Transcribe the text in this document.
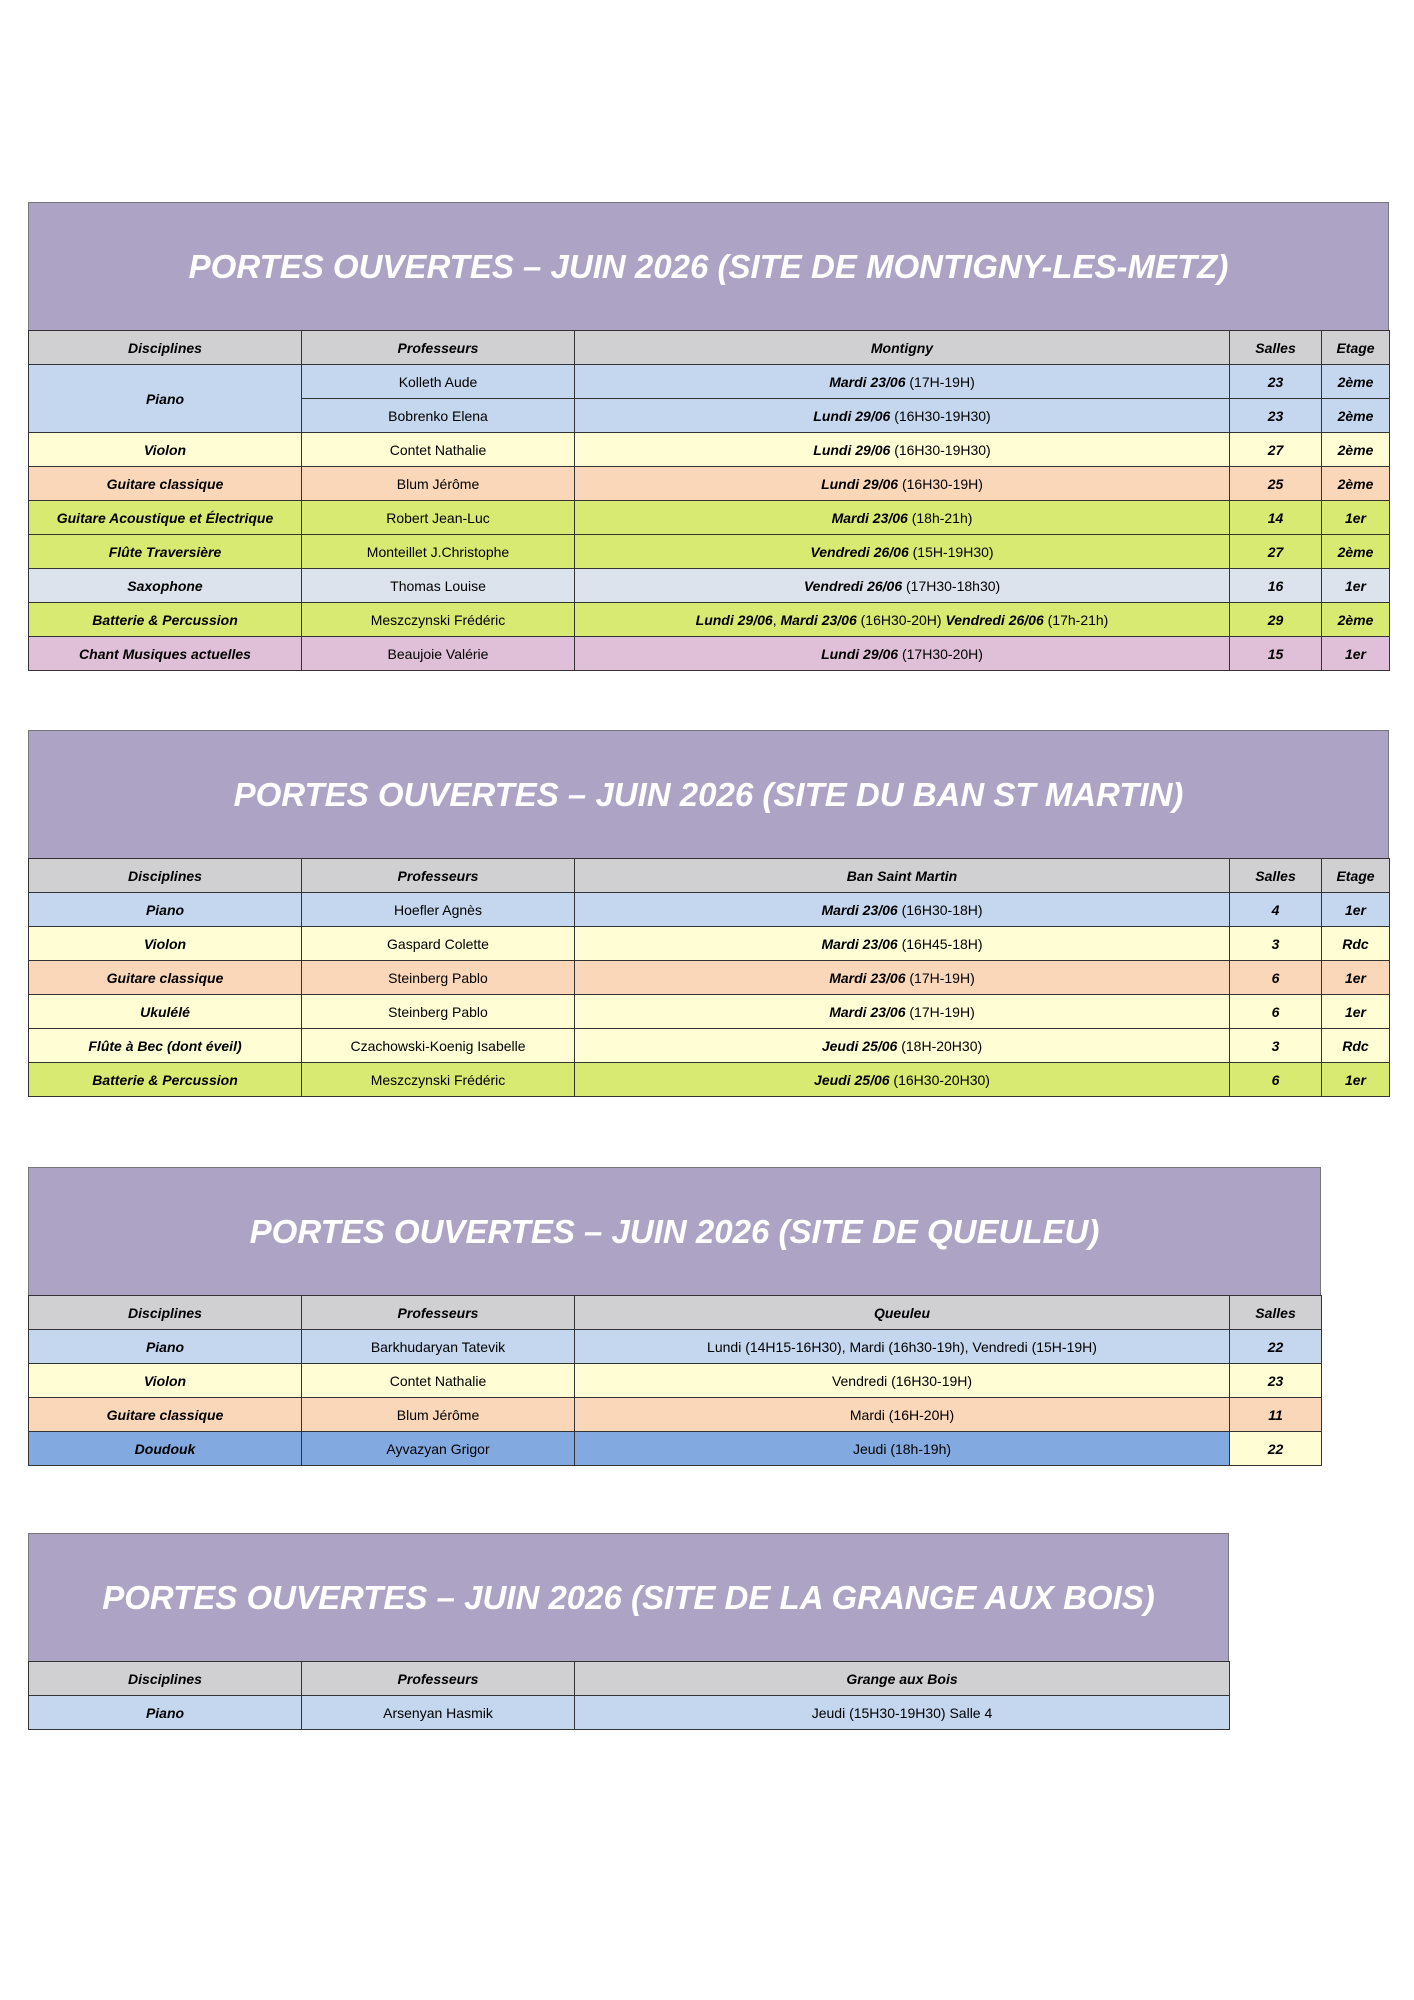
PORTES OUVERTES – JUIN 2026 (SITE DE MONTIGNY-LES-METZ)
Disciplines	Professeurs	Montigny	Salles	Etage
Piano	Kolleth Aude	Mardi 23/06 (17H-19H)	23	2ème
	Bobrenko Elena	Lundi 29/06 (16H30-19H30)	23	2ème
Violon	Contet Nathalie	Lundi 29/06 (16H30-19H30)	27	2ème
Guitare classique	Blum Jérôme	Lundi 29/06 (16H30-19H)	25	2ème
Guitare Acoustique et Électrique	Robert Jean-Luc	Mardi 23/06 (18h-21h)	14	1er
Flûte Traversière	Monteillet J.Christophe	Vendredi 26/06 (15H-19H30)	27	2ème
Saxophone	Thomas Louise	Vendredi 26/06 (17H30-18h30)	16	1er
Batterie & Percussion	Meszczynski Frédéric	Lundi 29/06, Mardi 23/06 (16H30-20H) Vendredi 26/06 (17h-21h)	29	2ème
Chant Musiques actuelles	Beaujoie Valérie	Lundi 29/06 (17H30-20H)	15	1er
PORTES OUVERTES – JUIN 2026 (SITE DU BAN ST MARTIN)
Disciplines	Professeurs	Ban Saint Martin	Salles	Etage
Piano	Hoefler Agnès	Mardi 23/06 (16H30-18H)	4	1er
Violon	Gaspard Colette	Mardi 23/06 (16H45-18H)	3	Rdc
Guitare classique	Steinberg Pablo	Mardi 23/06 (17H-19H)	6	1er
Ukulélé	Steinberg Pablo	Mardi 23/06 (17H-19H)	6	1er
Flûte à Bec (dont éveil)	Czachowski-Koenig Isabelle	Jeudi 25/06 (18H-20H30)	3	Rdc
Batterie & Percussion	Meszczynski Frédéric	Jeudi 25/06 (16H30-20H30)	6	1er
PORTES OUVERTES – JUIN 2026 (SITE DE QUEULEU)
Disciplines	Professeurs	Queuleu	Salles
Piano	Barkhudaryan Tatevik	Lundi (14H15-16H30), Mardi (16h30-19h), Vendredi (15H-19H)	22
Violon	Contet Nathalie	Vendredi (16H30-19H)	23
Guitare classique	Blum Jérôme	Mardi (16H-20H)	11
Doudouk	Ayvazyan Grigor	Jeudi (18h-19h)	22
PORTES OUVERTES – JUIN 2026 (SITE DE LA GRANGE AUX BOIS)
Disciplines	Professeurs	Grange aux Bois
Piano	Arsenyan Hasmik	Jeudi (15H30-19H30) Salle 4
